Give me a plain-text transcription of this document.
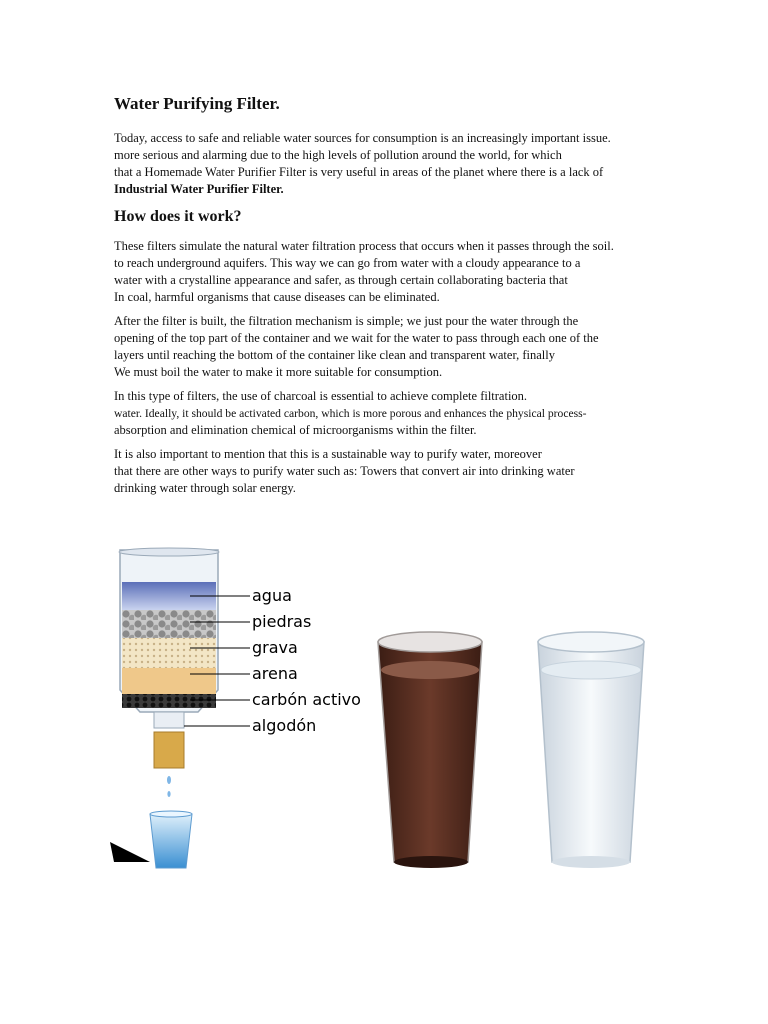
Water Purifying Filter.
Today, access to safe and reliable water sources for consumption is an increasingly important issue.
more serious and alarming due to the high levels of pollution around the world, for which
that a Homemade Water Purifier Filter is very useful in areas of the planet where there is a lack of
Industrial Water Purifier Filter.
How does it work?
These filters simulate the natural water filtration process that occurs when it passes through the soil.
to reach underground aquifers. This way we can go from water with a cloudy appearance to a
water with a crystalline appearance and safer, as through certain collaborating bacteria that
In coal, harmful organisms that cause diseases can be eliminated.
After the filter is built, the filtration mechanism is simple; we just pour the water through the
opening of the top part of the container and we wait for the water to pass through each one of the
layers until reaching the bottom of the container like clean and transparent water, finally
We must boil the water to make it more suitable for consumption.
In this type of filters, the use of charcoal is essential to achieve complete filtration.
water. Ideally, it should be activated carbon, which is more porous and enhances the physical process-
absorption and elimination chemical of microorganisms within the filter.
It is also important to mention that this is a sustainable way to purify water, moreover
that there are other ways to purify water such as: Towers that convert air into drinking water
drinking water through solar energy.
agua
piedras
grava
arena
carbón activo
algodón
